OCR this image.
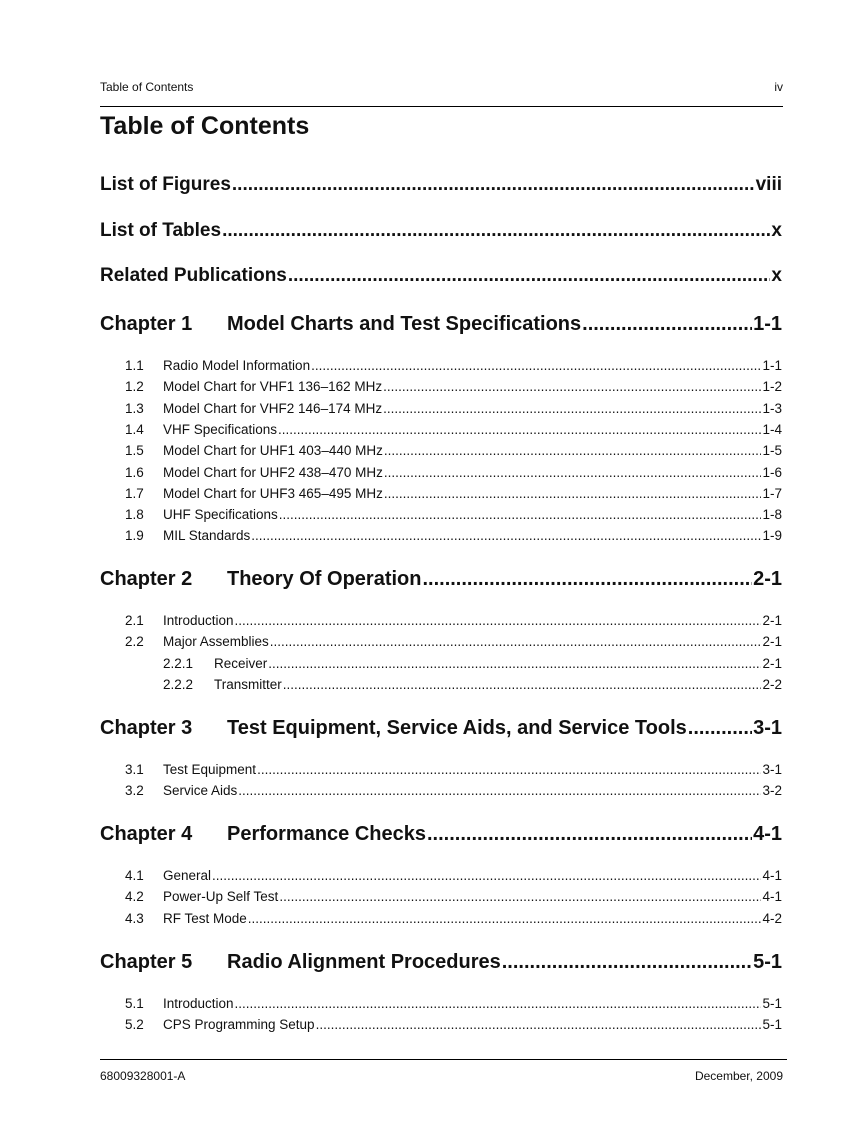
Table of Contents	iv
Table of Contents
List of Figures .....	viii
List of Tables .....	x
Related Publications .....	x
Chapter 1	Model Charts and Test Specifications .....	1-1
1.1	Radio Model Information .....	1-1
1.2	Model Chart for VHF1 136–162 MHz .....	1-2
1.3	Model Chart for VHF2 146–174 MHz .....	1-3
1.4	VHF Specifications .....	1-4
1.5	Model Chart for UHF1 403–440 MHz .....	1-5
1.6	Model Chart for UHF2 438–470 MHz .....	1-6
1.7	Model Chart for UHF3 465–495 MHz .....	1-7
1.8	UHF Specifications .....	1-8
1.9	MIL Standards .....	1-9
Chapter 2	Theory Of Operation .....	2-1
2.1	Introduction .....	2-1
2.2	Major Assemblies .....	2-1
2.2.1	Receiver .....	2-1
2.2.2	Transmitter .....	2-2
Chapter 3	Test Equipment, Service Aids, and Service Tools .....	3-1
3.1	Test Equipment .....	3-1
3.2	Service Aids .....	3-2
Chapter 4	Performance Checks .....	4-1
4.1	General .....	4-1
4.2	Power-Up Self Test .....	4-1
4.3	RF Test Mode .....	4-2
Chapter 5	Radio Alignment Procedures .....	5-1
5.1	Introduction .....	5-1
5.2	CPS Programming Setup .....	5-1
68009328001-A	December, 2009
